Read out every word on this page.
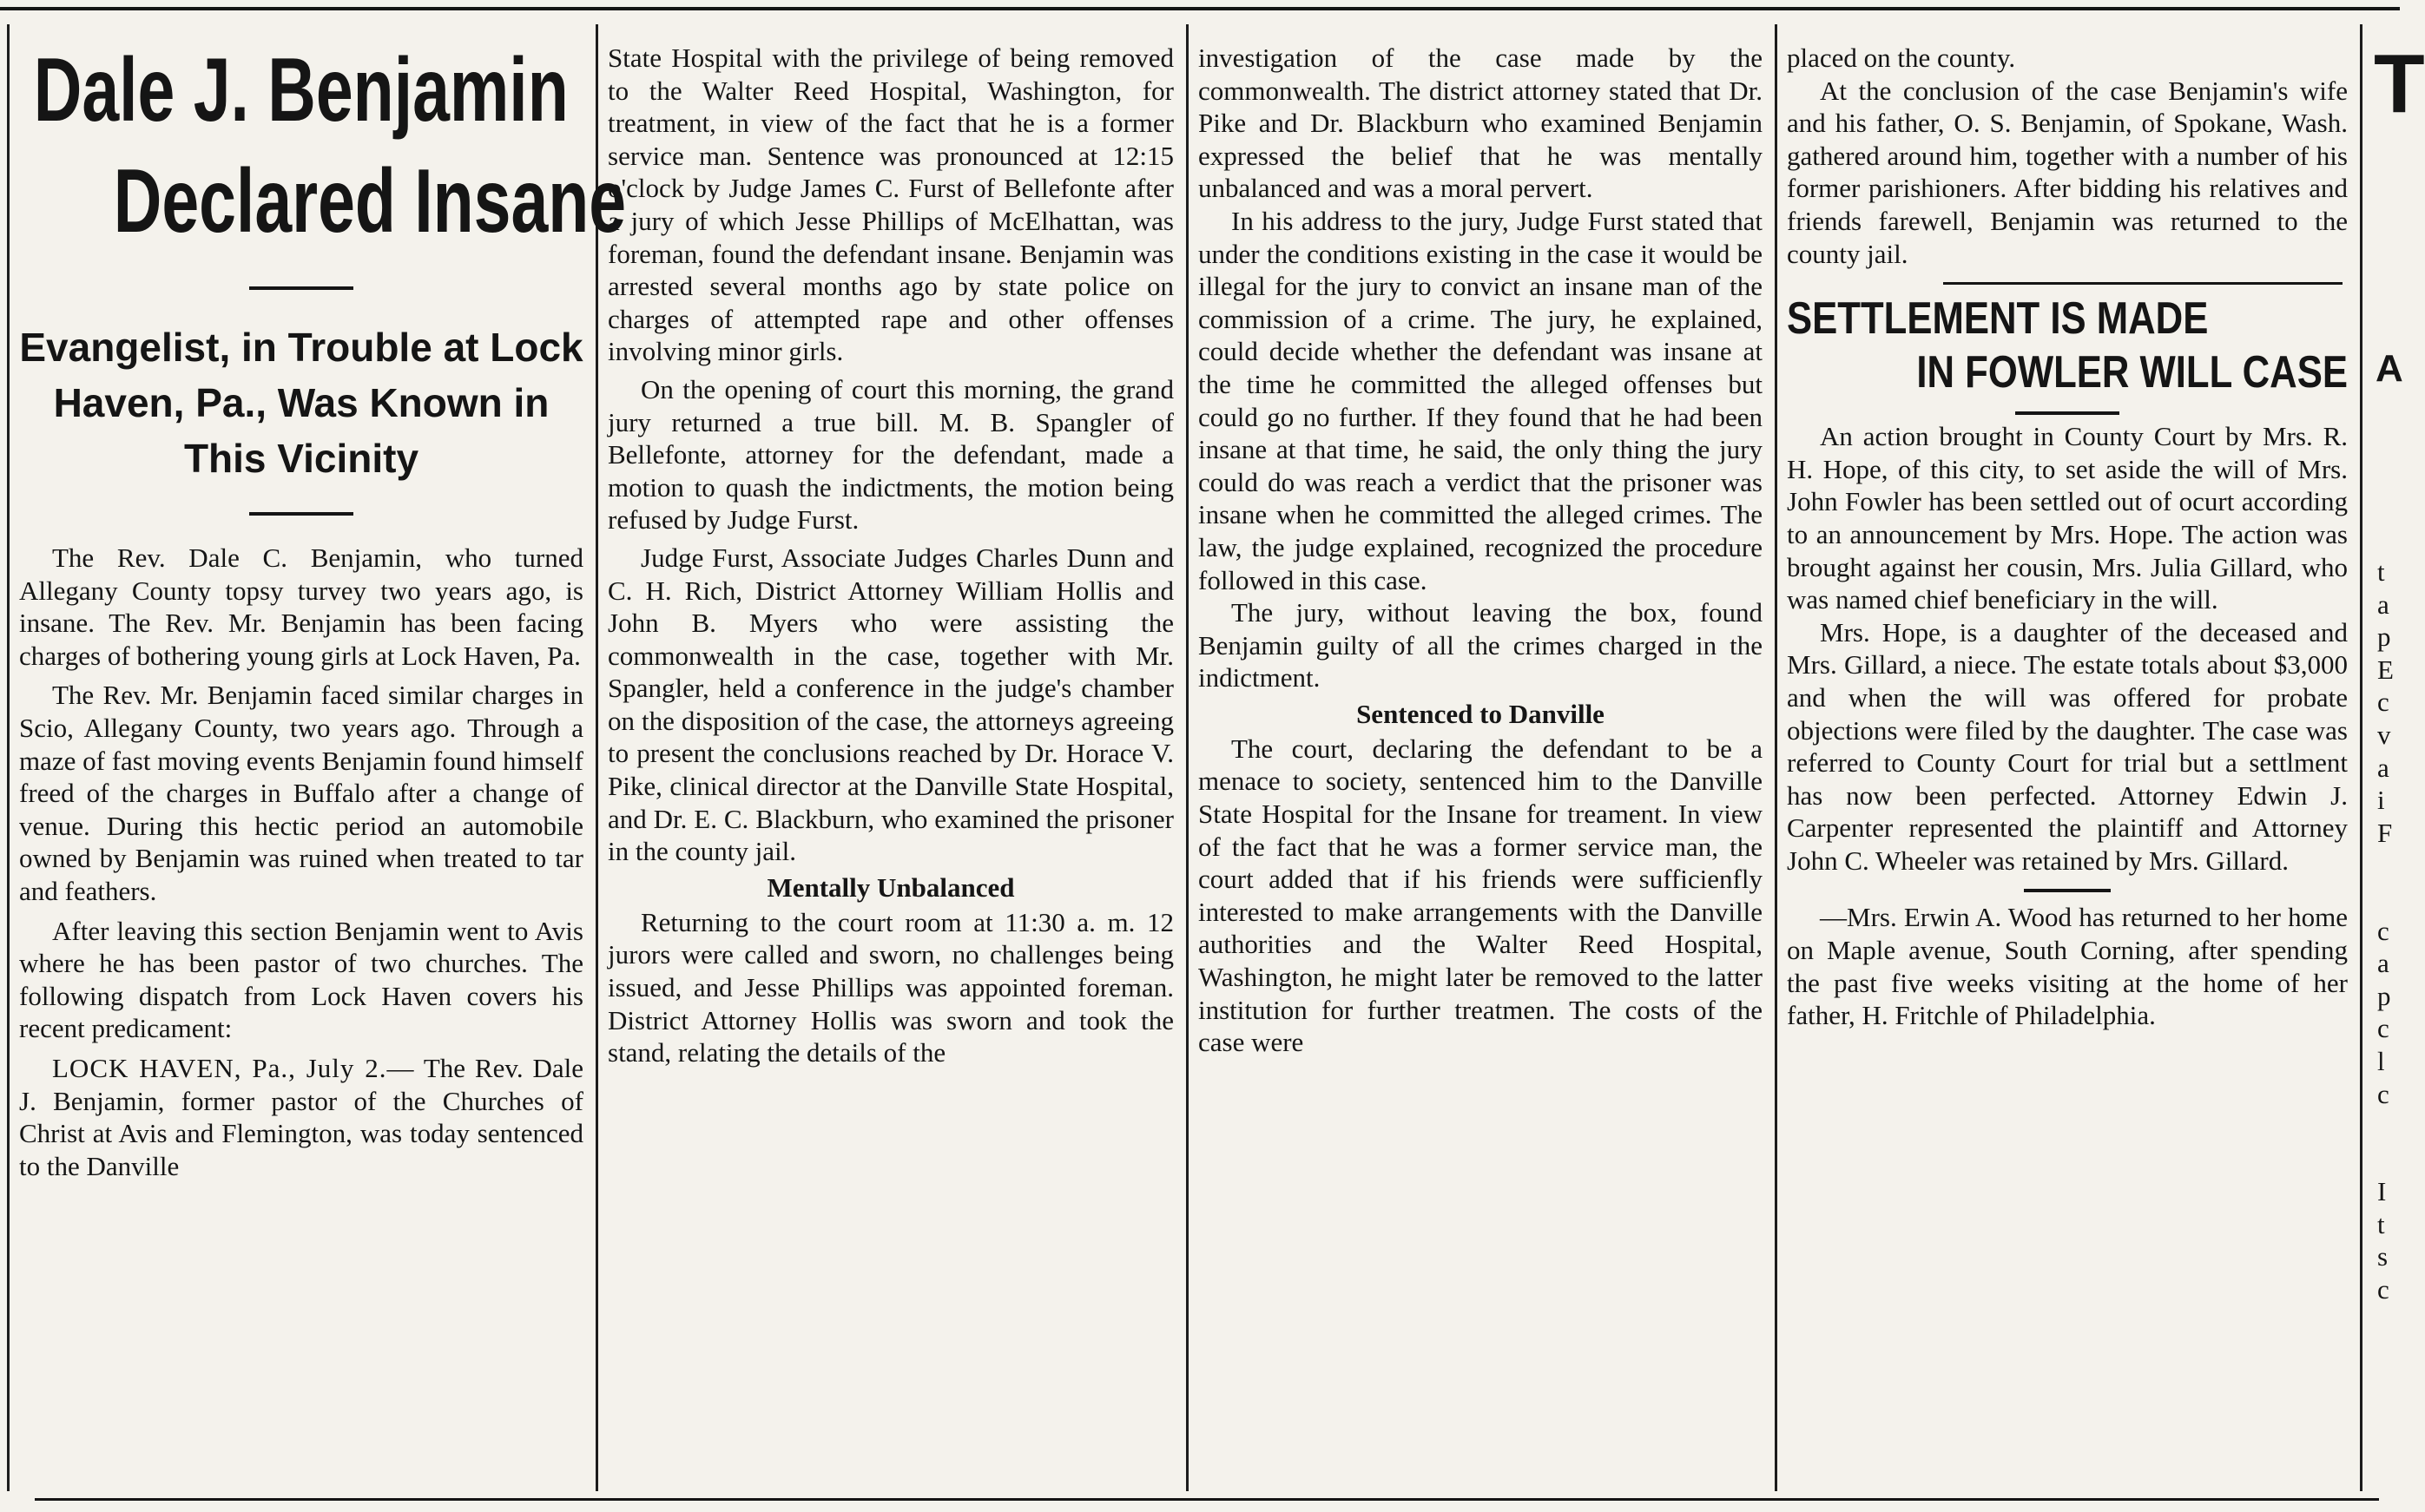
Dale J. Benjamin
Declared Insane
Evangelist, in Trouble at Lock
Haven, Pa., Was Known in
This Vicinity

The Rev. Dale C. Benjamin, who turned Allegany County topsy turvey two years ago, is insane. The Rev. Mr. Benjamin has been facing charges of bothering young girls at Lock Haven, Pa.

The Rev. Mr. Benjamin faced similar charges in Scio, Allegany County, two years ago. Through a maze of fast moving events Benjamin found himself freed of the charges in Buffalo after a change of venue. During this hectic period an automobile owned by Benjamin was ruined when treated to tar and feathers.

After leaving this section Benjamin went to Avis where he has been pastor of two churches. The following dispatch from Lock Haven covers his recent predicament:

LOCK HAVEN, Pa., July 2.— The Rev. Dale J. Benjamin, former pastor of the Churches of Christ at Avis and Flemington, was today sentenced to the Danville

State Hospital with the privilege of being removed to the Walter Reed Hospital, Washington, for treatment, in view of the fact that he is a former service man. Sentence was pronounced at 12:15 o'clock by Judge James C. Furst of Bellefonte after a jury of which Jesse Phillips of McElhattan, was foreman, found the defendant insane. Benjamin was arrested several months ago by state police on charges of attempted rape and other offenses involving minor girls.

On the opening of court this morning, the grand jury returned a true bill. M. B. Spangler of Bellefonte, attorney for the defendant, made a motion to quash the indictments, the motion being refused by Judge Furst.

Judge Furst, Associate Judges Charles Dunn and C. H. Rich, District Attorney William Hollis and John B. Myers who were assisting the commonwealth in the case, together with Mr. Spangler, held a conference in the judge's chamber on the disposition of the case, the attorneys agreeing to present the conclusions reached by Dr. Horace V. Pike, clinical director at the Danville State Hospital, and Dr. E. C. Blackburn, who examined the prisoner in the county jail.

Mentally Unbalanced

Returning to the court room at 11:30 a. m. 12 jurors were called and sworn, no challenges being issued, and Jesse Phillips was appointed foreman. District Attorney Hollis was sworn and took the stand, relating the details of the

investigation of the case made by the commonwealth. The district attorney stated that Dr. Pike and Dr. Blackburn who examined Benjamin expressed the belief that he was mentally unbalanced and was a moral pervert.

In his address to the jury, Judge Furst stated that under the conditions existing in the case it would be illegal for the jury to convict an insane man of the commission of a crime. The jury, he explained, could decide whether the defendant was insane at the time he committed the alleged offenses but could go no further. If they found that he had been insane at that time, he said, the only thing the jury could do was reach a verdict that the prisoner was insane when he committed the alleged crimes. The law, the judge explained, recognized the procedure followed in this case.

The jury, without leaving the box, found Benjamin guilty of all the crimes charged in the indictment.

Sentenced to Danville

The court, declaring the defendant to be a menace to society, sentenced him to the Danville State Hospital for the Insane for treament. In view of the fact that he was a former service man, the court added that if his friends were sufficienfly interested to make arrangements with the Danville authorities and the Walter Reed Hospital, Washington, he might later be removed to the latter institution for further treatmen. The costs of the case were

placed on the county.

At the conclusion of the case Benjamin's wife and his father, O. S. Benjamin, of Spokane, Wash. gathered around him, together with a number of his former parishioners. After bidding his relatives and friends farewell, Benjamin was returned to the county jail.

SETTLEMENT IS MADE
IN FOWLER WILL CASE

An action brought in County Court by Mrs. R. H. Hope, of this city, to set aside the will of Mrs. John Fowler has been settled out of ocurt according to an announcement by Mrs. Hope. The action was brought against her cousin, Mrs. Julia Gillard, who was named chief beneficiary in the will.

Mrs. Hope, is a daughter of the deceased and Mrs. Gillard, a niece. The estate totals about $3,000 and when the will was offered for probate objections were filed by the daughter. The case was referred to County Court for trial but a settlment has now been perfected. Attorney Edwin J. Carpenter represented the plaintiff and Attorney John C. Wheeler was retained by Mrs. Gillard.

—Mrs. Erwin A. Wood has returned to her home on Maple avenue, South Corning, after spending the past five weeks visiting at the home of her father, H. Fritchle of Philadelphia.

T
A
t
a
p
E
c
v
a
i
F
c
a
p
c
l
c
I
t
s
c
